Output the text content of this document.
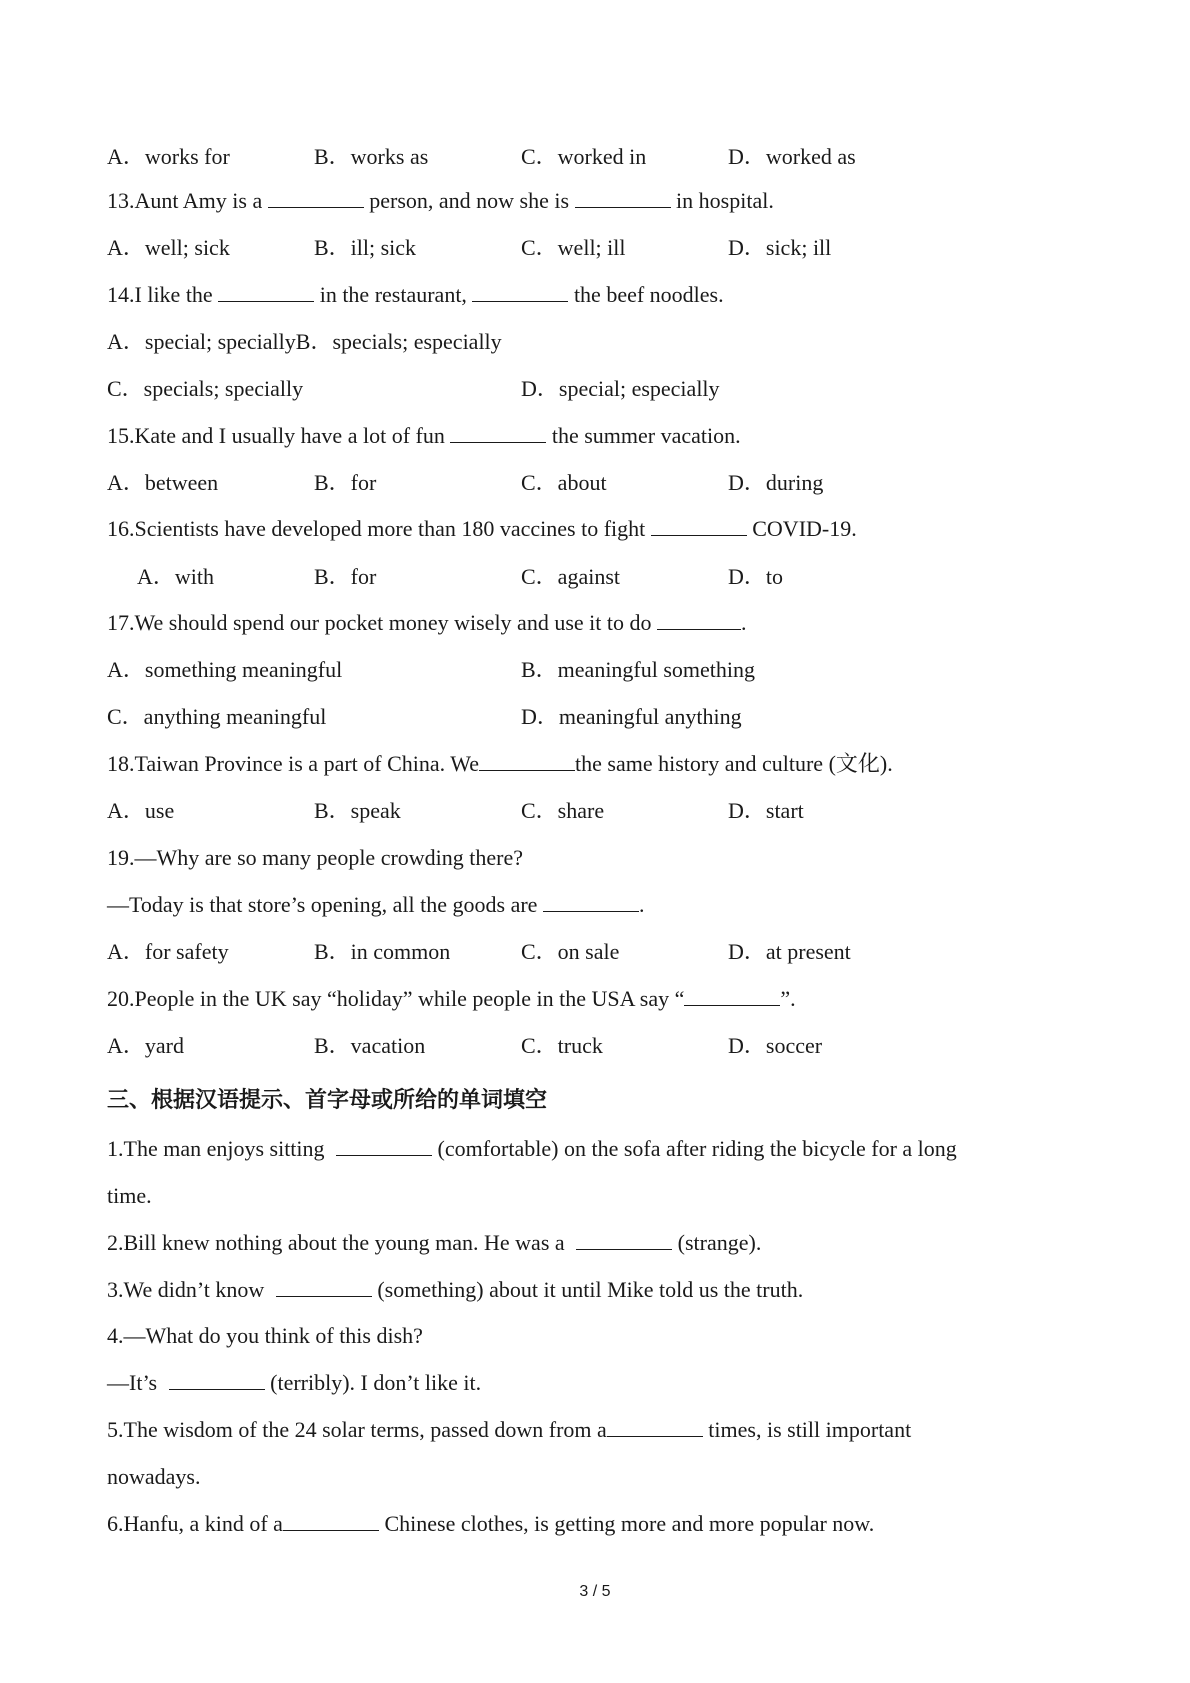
A．works for	B．works as	C．worked in	D．worked as
13.Aunt Amy is a	person, and now she is	in hospital.
A．well; sick	B．ill; sick	C．well; ill	D．sick; ill
14.I like the	in the restaurant,	the beef noodles.
A．special; speciallyB．specials; especially
C．specials; specially	D．special; especially
15.Kate and I usually have a lot of fun	the summer vacation.
A．between	B．for	C．about	D．during
16.Scientists have developed more than 180 vaccines to fight	COVID-19.
A．with	B．for	C．against	D．to
17.We should spend our pocket money wisely and use it to do	.
A．something meaningful	B．meaningful something
C．anything meaningful	D．meaningful anything
18.Taiwan Province is a part of China. We	the same history and culture (文化).
A．use	B．speak	C．share	D．start
19.—Why are so many people crowding there?
—Today is that store’s opening, all the goods are	.
A．for safety	B．in common	C．on sale	D．at present
20.People in the UK say “holiday” while people in the USA say “	”.
A．yard	B．vacation	C．truck	D．soccer
三、根据汉语提示、首字母或所给的单词填空
1.The man enjoys sitting	(comfortable) on the sofa after riding the bicycle for a long
time.
2.Bill knew nothing about the young man. He was a	(strange).
3.We didn’t know	(something) about it until Mike told us the truth.
4.—What do you think of this dish?
—It’s	(terribly). I don’t like it.
5.The wisdom of the 24 solar terms, passed down from a	times, is still important
nowadays.
6.Hanfu, a kind of a	Chinese clothes, is getting more and more popular now.
3 / 5
